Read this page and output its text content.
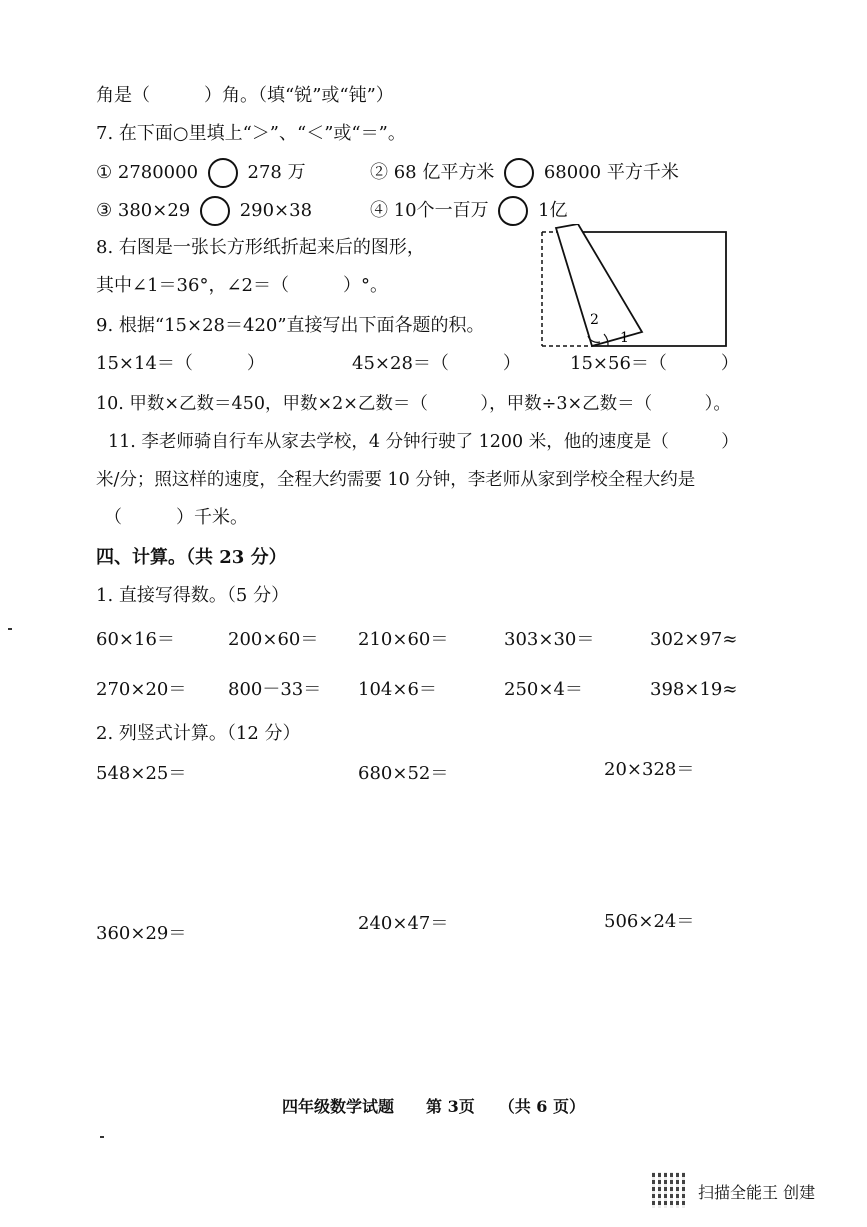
角是（　　　）角。（填“锐”或“钝”）
7. 在下面○里填上“＞”、“＜”或“＝”。
① 2780000	278 万	② 68 亿平方米	68000 平方千米
③ 380×29	290×38	④ 10个一百万	1亿
8. 右图是一张长方形纸折起来后的图形，
其中∠1＝36°，∠2＝（　　　）°。
1
2
9. 根据“15×28＝420”直接写出下面各题的积。
15×14＝（　　　）	45×28＝（　　　）	15×56＝（　　　）
10. 甲数×乙数＝450，甲数×2×乙数＝（　　　），甲数÷3×乙数＝（　　　）。
11. 李老师骑自行车从家去学校，4 分钟行驶了 1200 米，他的速度是（　　　）
米/分；照这样的速度，全程大约需要 10 分钟，李老师从家到学校全程大约是
（　　　）千米。
四、计算。（共 23 分）
1. 直接写得数。（5 分）
60×16＝	200×60＝ 210×60＝	303×30＝	302×97≈
270×20＝ 800－33＝ 104×6＝	250×4＝	398×19≈
2. 列竖式计算。（12 分）
548×25＝	680×52＝	20×328＝
360×29＝	240×47＝	506×24＝
四年级数学试题　　第 3页　　（共 6 页）
扫描全能王 创建
